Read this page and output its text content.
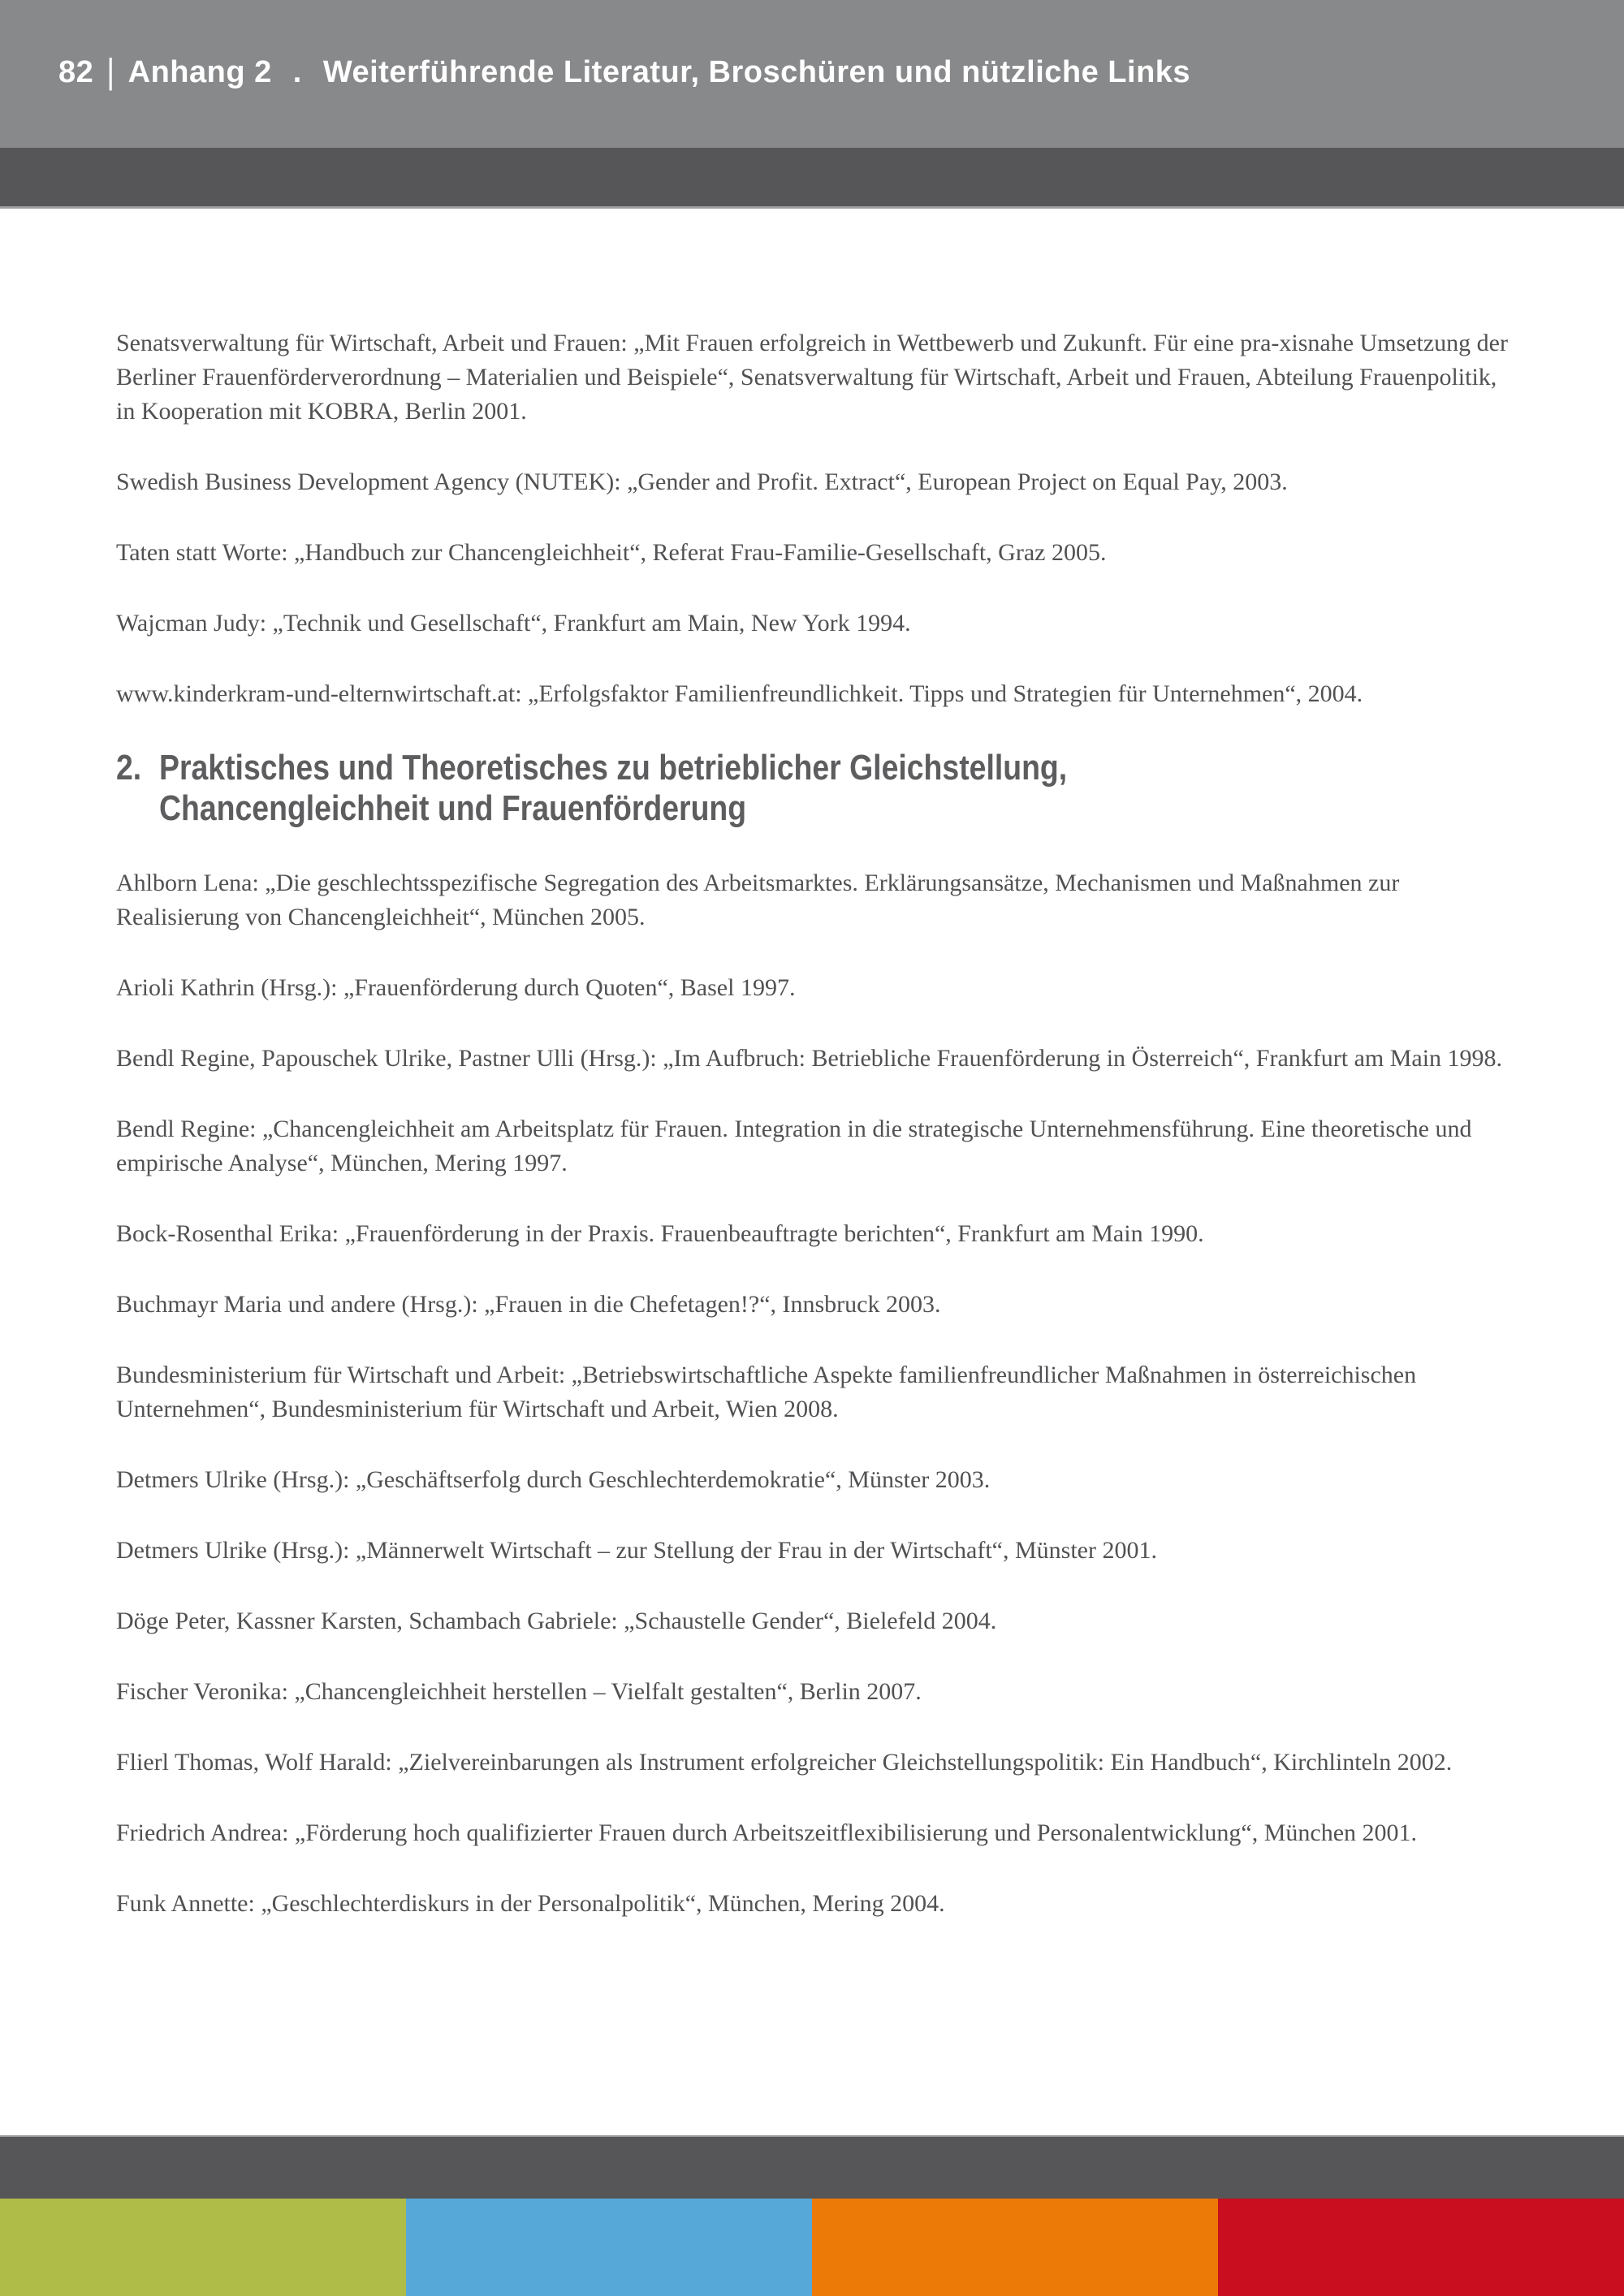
82 | Anhang 2 . Weiterführende Literatur, Broschüren und nützliche Links

Senatsverwaltung für Wirtschaft, Arbeit und Frauen: „Mit Frauen erfolgreich in Wettbewerb und Zukunft. Für eine pra-xisnahe Umsetzung der Berliner Frauenförderverordnung – Materialien und Beispiele“, Senatsverwaltung für Wirtschaft, Arbeit und Frauen, Abteilung Frauenpolitik, in Kooperation mit KOBRA, Berlin 2001.

Swedish Business Development Agency (NUTEK): „Gender and Profit. Extract“, European Project on Equal Pay, 2003.

Taten statt Worte: „Handbuch zur Chancengleichheit“, Referat Frau-Familie-Gesellschaft, Graz 2005.

Wajcman Judy: „Technik und Gesellschaft“, Frankfurt am Main, New York 1994.

www.kinderkram-und-elternwirtschaft.at: „Erfolgsfaktor Familienfreundlichkeit. Tipps und Strategien für Unternehmen“, 2004.

2. Praktisches und Theoretisches zu betrieblicher Gleichstellung,
Chancengleichheit und Frauenförderung

Ahlborn Lena: „Die geschlechtsspezifische Segregation des Arbeitsmarktes. Erklärungsansätze, Mechanismen und Maßnahmen zur Realisierung von Chancengleichheit“, München 2005.

Arioli Kathrin (Hrsg.): „Frauenförderung durch Quoten“, Basel 1997.

Bendl Regine, Papouschek Ulrike, Pastner Ulli (Hrsg.): „Im Aufbruch: Betriebliche Frauenförderung in Österreich“, Frankfurt am Main 1998.

Bendl Regine: „Chancengleichheit am Arbeitsplatz für Frauen. Integration in die strategische Unternehmensführung. Eine theoretische und empirische Analyse“, München, Mering 1997.

Bock-Rosenthal Erika: „Frauenförderung in der Praxis. Frauenbeauftragte berichten“, Frankfurt am Main 1990.

Buchmayr Maria und andere (Hrsg.): „Frauen in die Chefetagen!?“, Innsbruck 2003.

Bundesministerium für Wirtschaft und Arbeit: „Betriebswirtschaftliche Aspekte familienfreundlicher Maßnahmen in österreichischen Unternehmen“, Bundesministerium für Wirtschaft und Arbeit, Wien 2008.

Detmers Ulrike (Hrsg.): „Geschäftserfolg durch Geschlechterdemokratie“, Münster 2003.

Detmers Ulrike (Hrsg.): „Männerwelt Wirtschaft – zur Stellung der Frau in der Wirtschaft“, Münster 2001.

Döge Peter, Kassner Karsten, Schambach Gabriele: „Schaustelle Gender“, Bielefeld 2004.

Fischer Veronika: „Chancengleichheit herstellen – Vielfalt gestalten“, Berlin 2007.

Flierl Thomas, Wolf Harald: „Zielvereinbarungen als Instrument erfolgreicher Gleichstellungspolitik: Ein Handbuch“, Kirchlinteln 2002.

Friedrich Andrea: „Förderung hoch qualifizierter Frauen durch Arbeitszeitflexibilisierung und Personalentwicklung“, München 2001.

Funk Annette: „Geschlechterdiskurs in der Personalpolitik“, München, Mering 2004.
